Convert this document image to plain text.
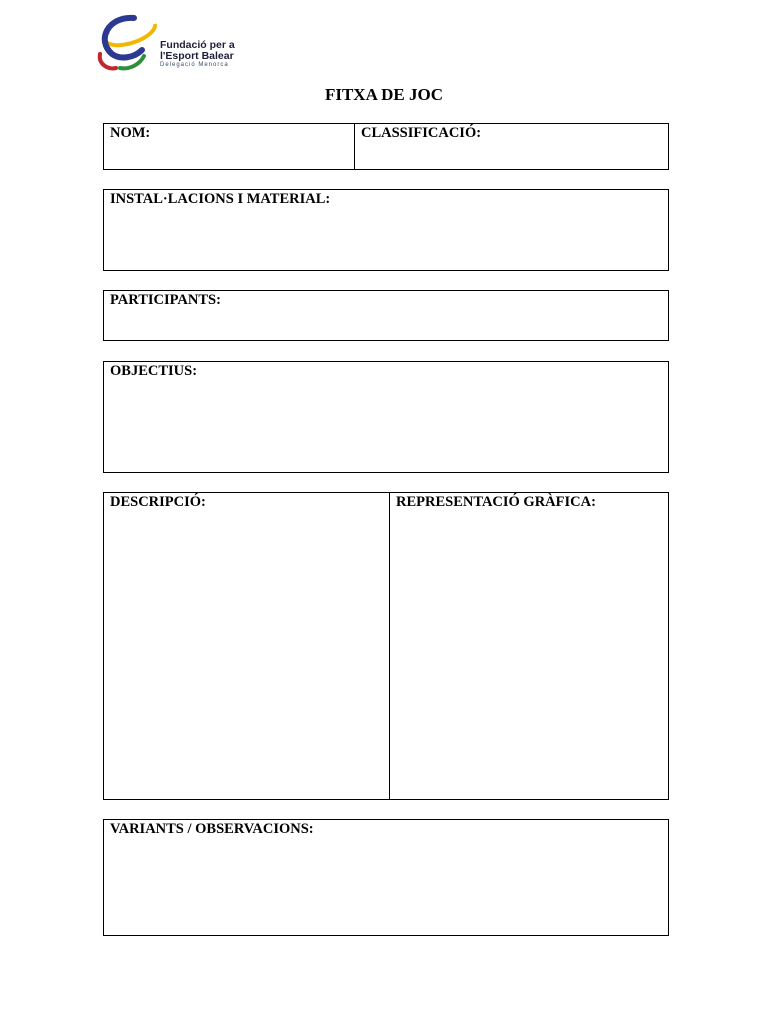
Fundació per a
l'Esport Balear
Delegació Menorca
FITXA DE JOC
NOM:	CLASSIFICACIÓ:
INSTAL·LACIONS I MATERIAL:
PARTICIPANTS:
OBJECTIUS:
DESCRIPCIÓ:	REPRESENTACIÓ GRÀFICA:
VARIANTS / OBSERVACIONS:
